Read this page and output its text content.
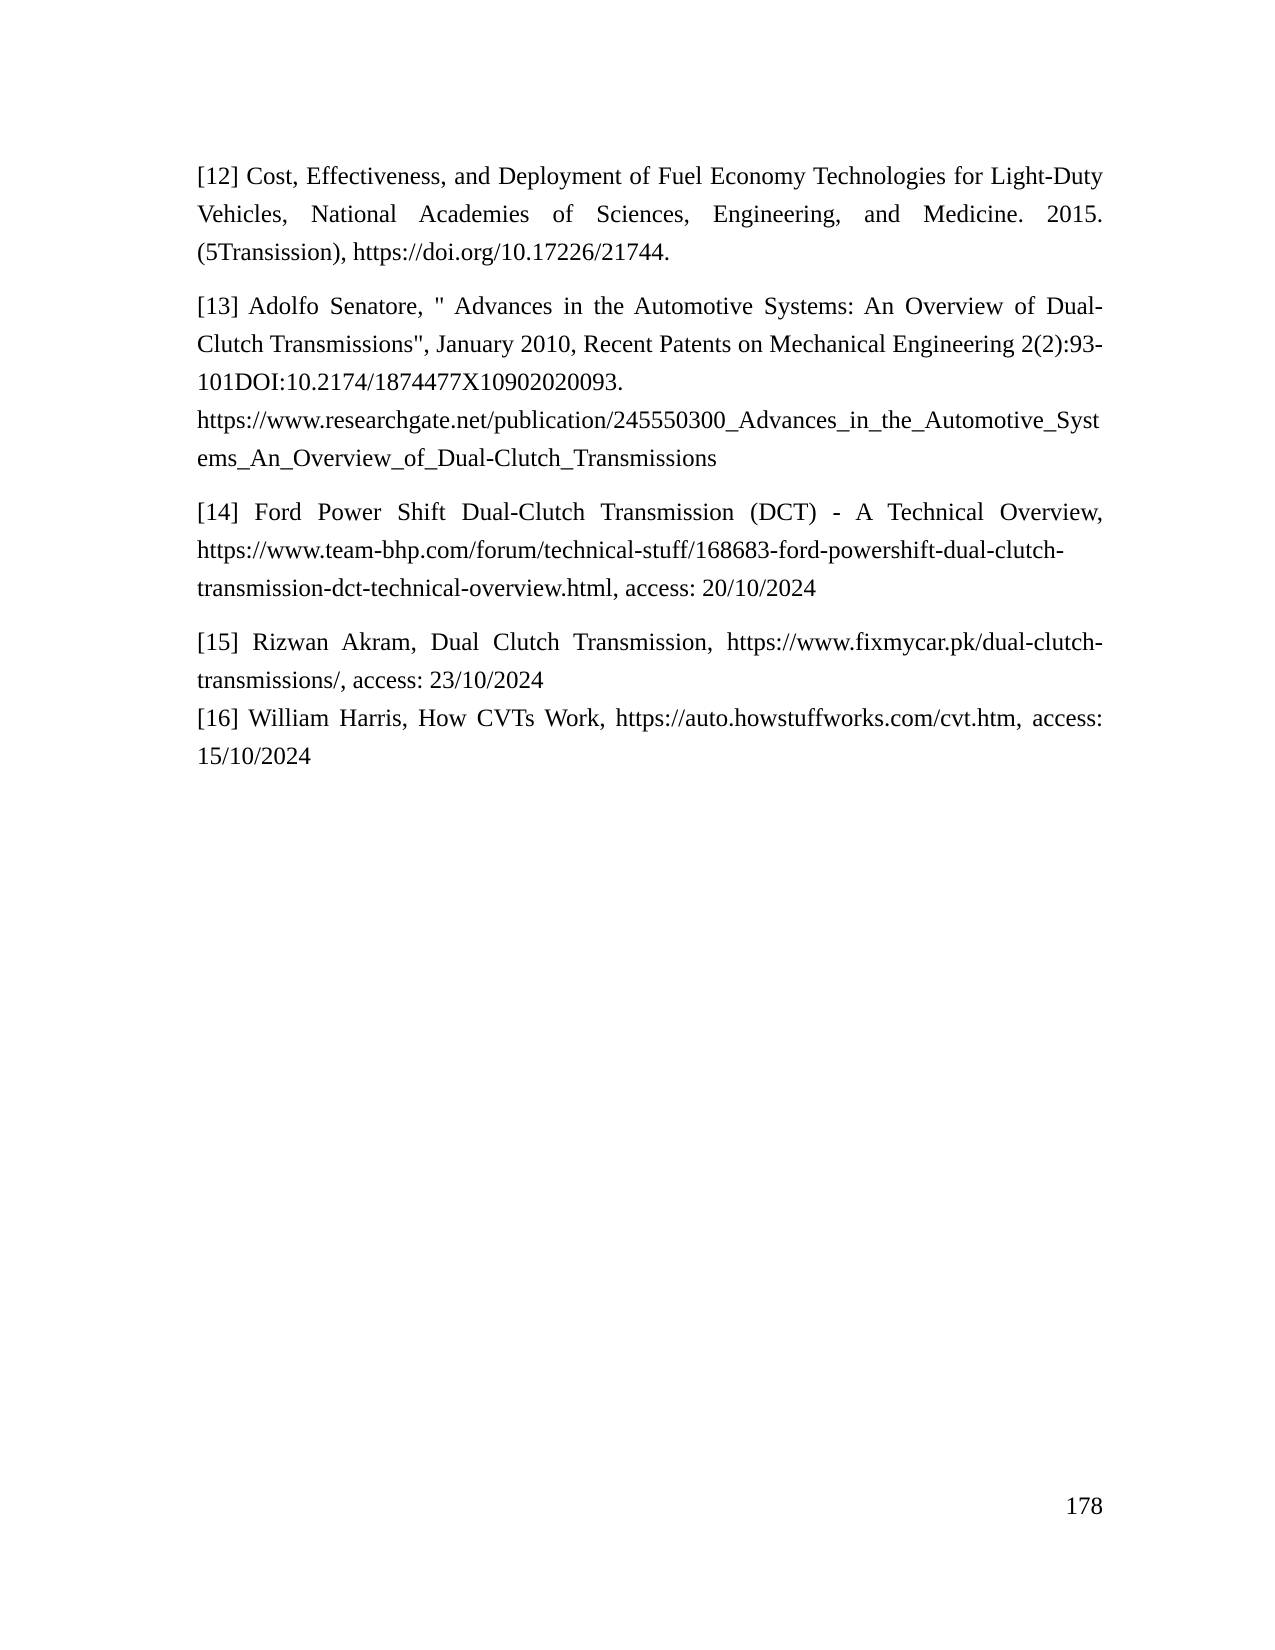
[12] Cost, Effectiveness, and Deployment of Fuel Economy Technologies for Light-Duty Vehicles, National Academies of Sciences, Engineering, and Medicine. 2015. (5Transission), https://doi.org/10.17226/21744.

[13] Adolfo Senatore, " Advances in the Automotive Systems: An Overview of Dual-Clutch Transmissions", January 2010, Recent Patents on Mechanical Engineering 2(2):93-101DOI:10.2174/1874477X10902020093.
https://www.researchgate.net/publication/245550300_Advances_in_the_Automotive_Systems_An_Overview_of_Dual-Clutch_Transmissions

[14] Ford Power Shift Dual-Clutch Transmission (DCT) - A Technical Overview, https://www.team-bhp.com/forum/technical-stuff/168683-ford-powershift-dual-clutch-transmission-dct-technical-overview.html, access: 20/10/2024

[15] Rizwan Akram, Dual Clutch Transmission, https://www.fixmycar.pk/dual-clutch-transmissions/, access: 23/10/2024

[16] William Harris, How CVTs Work, https://auto.howstuffworks.com/cvt.htm, access: 15/10/2024

178
